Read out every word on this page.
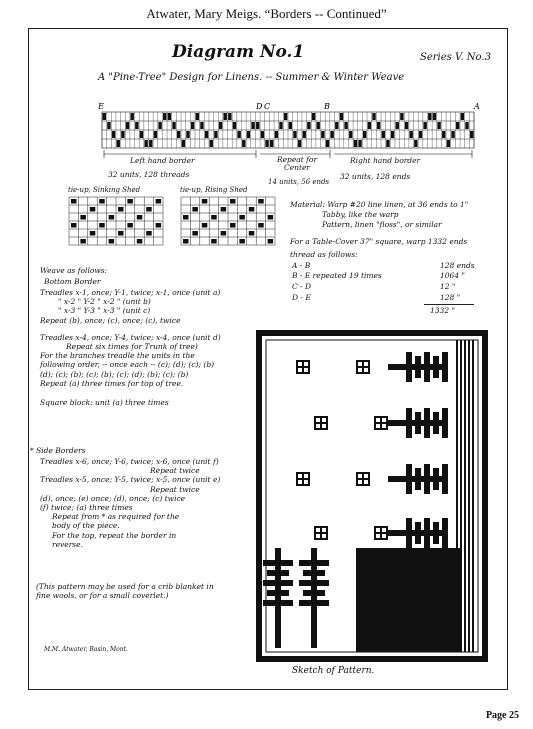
Atwater, Mary Meigs. “Borders -- Continued”
Diagram No.1	Series V. No.3
A "Pine-Tree" Design for Linens. -- Summer & Winter Weave
E	D C	B	A
Left hand border
32 units, 128 threads
Repeat for Center
14 units, 56 ends
Right hand border
32 units, 128 ends
tie-up, Sinking Shed	tie-up, Rising Shed
Material: Warp #20 line linen, at 36 ends to 1"
Tabby, like the warp
Pattern, linen "floss", or similar
For a Table-Cover 37" square, warp 1332 ends
thread as follows:
A - B	128 ends
B - E repeated 19 times	1064 "
C - D	12 "
D - E	128 "
1332 "
Weave as follows:
Bottom Border
Treadles x-1, once; Y-1, twice; x-1, once (unit a)
" x-2 " Y-2 " x-2 " (unit b)
" x-3 " Y-3 " x-3 " (unit c)
Repeat (b), once; (c), once; (c), twice
Treadles x-4, once; Y-4, twice; x-4, once (unit d)
Repeat six times for Trunk of tree)
For the branches treadle the units in the
following order, -- once each -- (c); (d); (c); (b)
(d); (c); (b); (c); (b); (c); (d); (b); (c); (b)
Repeat (a) three times for top of tree.
Square block: unit (a) three times
* Side Borders
Treadles x-6, once; Y-6, twice; x-6, once (unit f)
Repeat twice
Treadles x-5, once; Y-5, twice; x-5, once (unit e)
Repeat twice
(d), once; (e) once; (d), once; (c) twice
(f) twice; (a) three times
Repeat from * as required for the
body of the piece.
For the top, repeat the border in
reverse.
(This pattern may be used for a crib blanket in fine wools, or for a small coverlet.)
M.M. Atwater, Basin, Mont.
Sketch of Pattern.
Page 25
